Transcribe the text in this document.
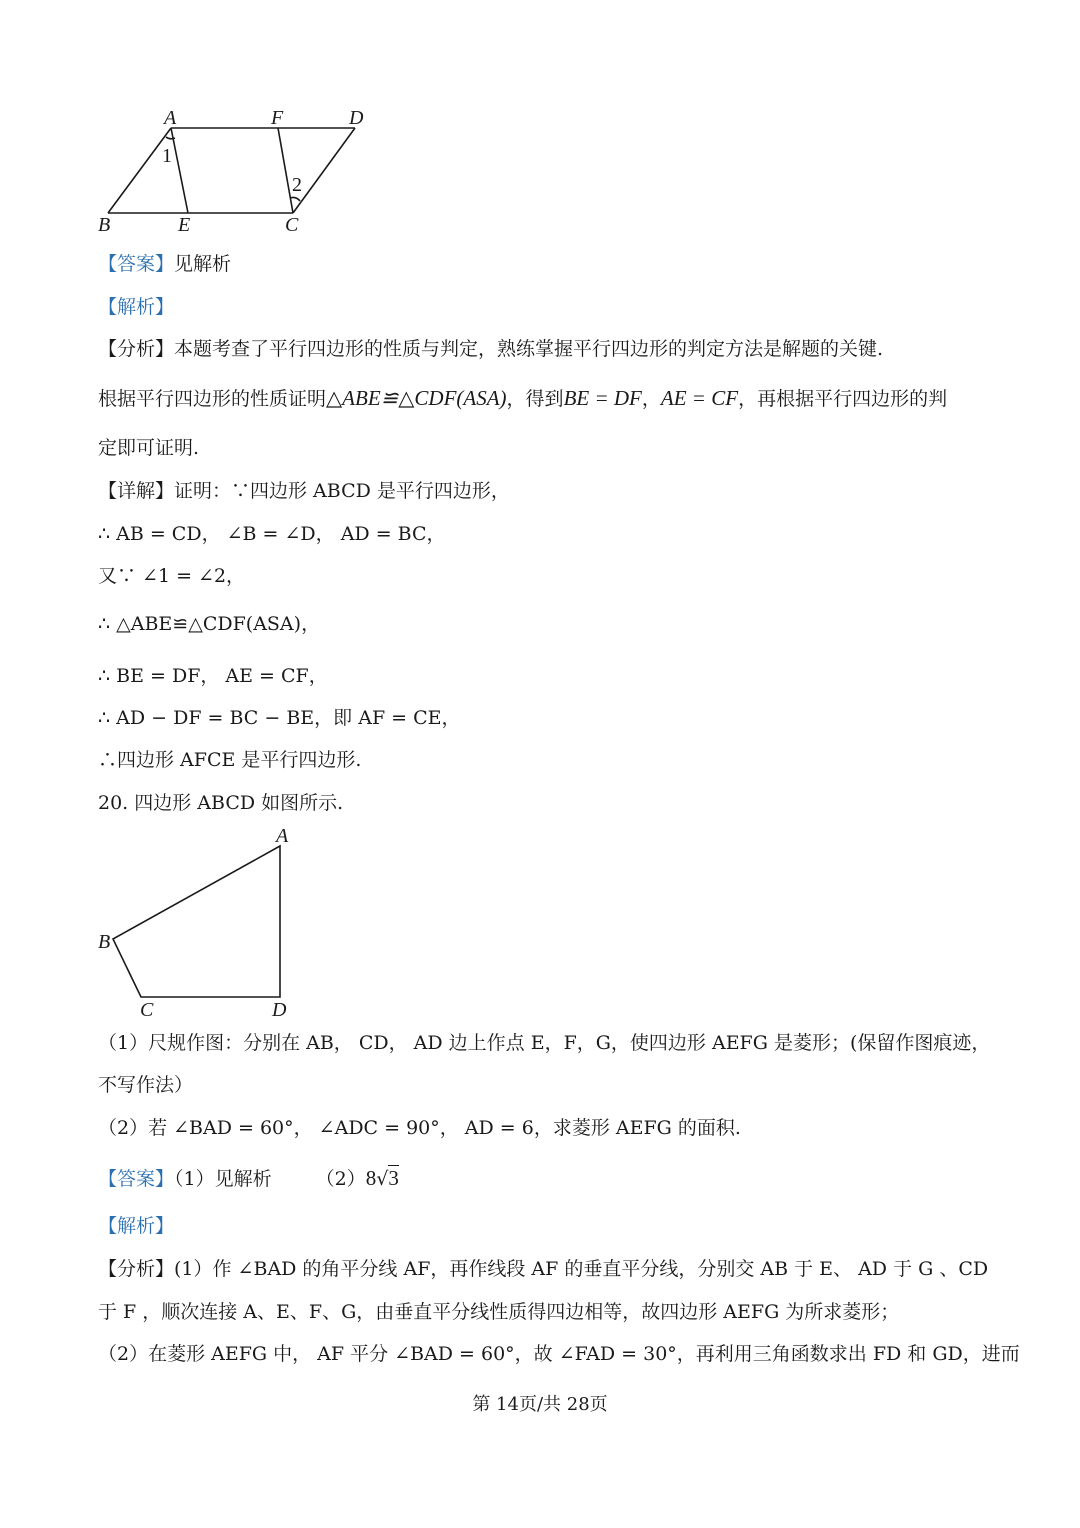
A	F	D
B	E	C
1
2
【答案】见解析
【解析】
【分析】本题考查了平行四边形的性质与判定，熟练掌握平行四边形的判定方法是解题的关键.
根据平行四边形的性质证明△ABE≌△CDF(ASA)，得到BE = DF，AE = CF，再根据平行四边形的判
定即可证明.
【详解】证明：∵四边形 ABCD 是平行四边形，
∴ AB = CD， ∠B = ∠D， AD = BC，
又∵ ∠1 = ∠2，
∴ △ABE≌△CDF(ASA)，
∴ BE = DF， AE = CF，
∴ AD − DF = BC − BE，即 AF = CE，
∴四边形 AFCE 是平行四边形.
20. 四边形 ABCD 如图所示.
A
B
C	D
（1）尺规作图：分别在 AB， CD， AD 边上作点 E，F，G，使四边形 AEFG 是菱形；(保留作图痕迹，
不写作法）
（2）若 ∠BAD = 60°， ∠ADC = 90°， AD = 6，求菱形 AEFG 的面积.
【答案】（1）见解析 （2）8√3
【解析】
【分析】(1）作 ∠BAD 的角平分线 AF，再作线段 AF 的垂直平分线，分别交 AB 于 E、 AD 于 G 、CD
于 F ，顺次连接 A、E、F、G，由垂直平分线性质得四边相等，故四边形 AEFG 为所求菱形；
（2）在菱形 AEFG 中， AF 平分 ∠BAD = 60°，故 ∠FAD = 30°，再利用三角函数求出 FD 和 GD，进而
第 14页/共 28页
